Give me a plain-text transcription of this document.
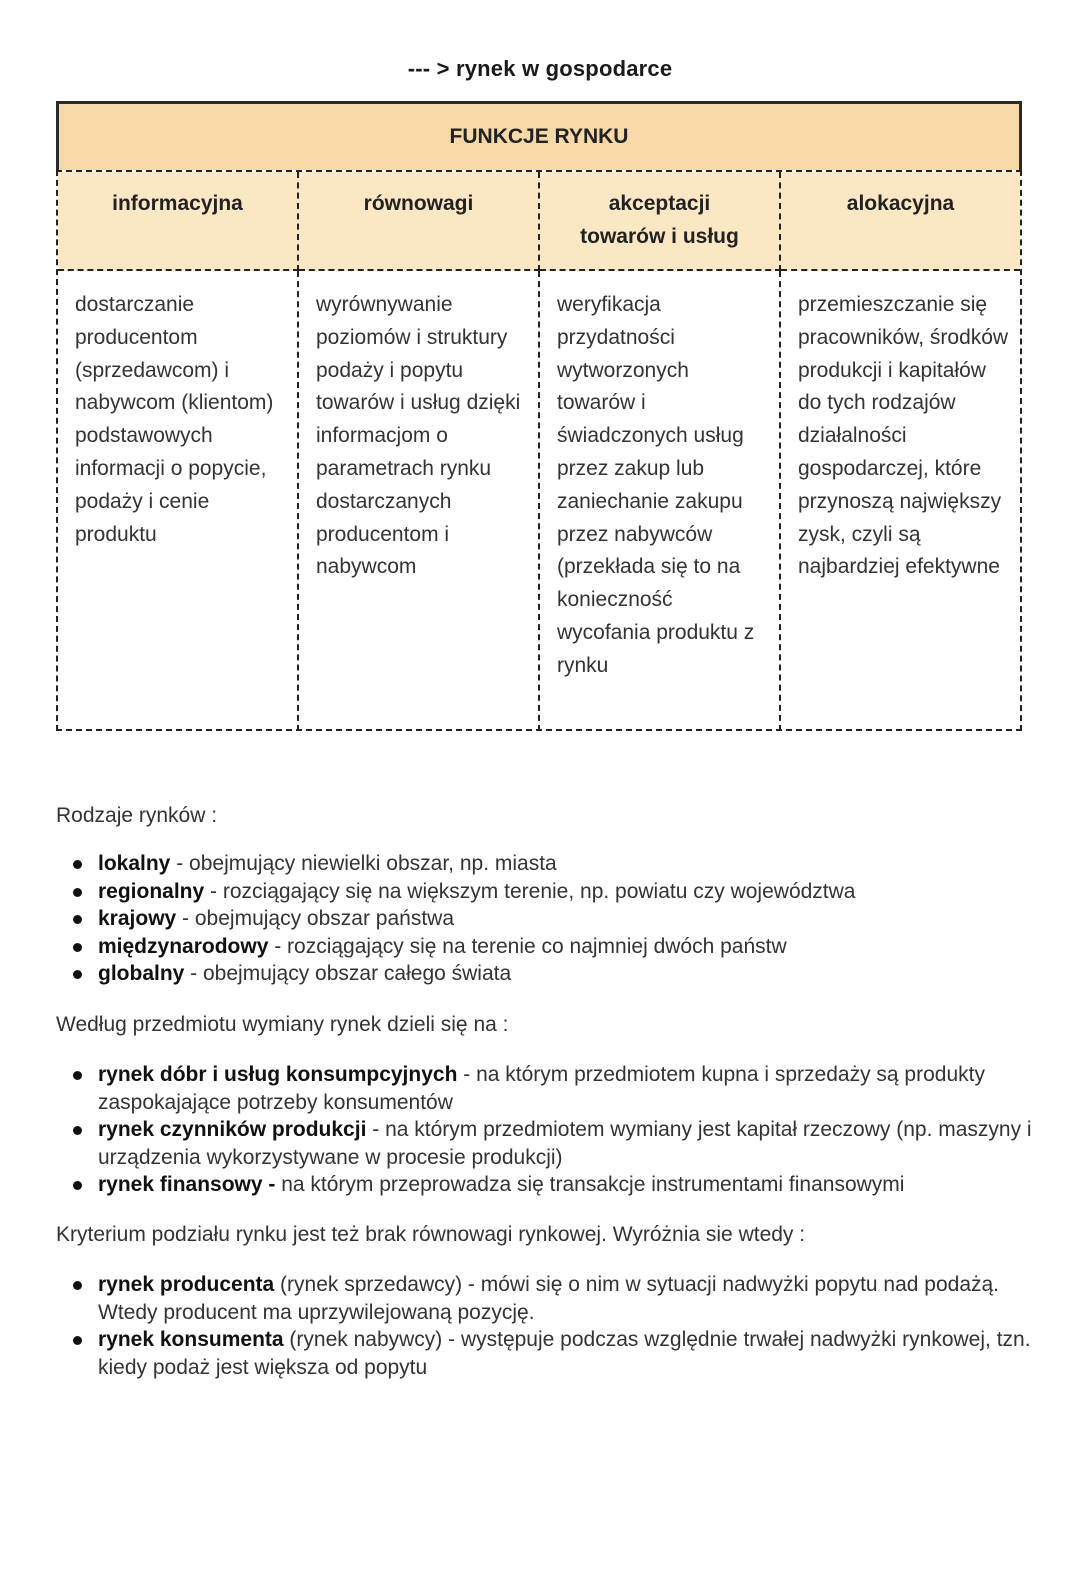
--- > rynek w gospodarce
FUNKCJE RYNKU
informacyjna	równowagi	akceptacji towarów i usług
alokacyjna
dostarczanie producentom (sprzedawcom) i nabywcom (klientom) podstawowych informacji o popycie, podaży i cenie produktu
wyrównywanie poziomów i struktury podaży i popytu towarów i usług dzięki informacjom o parametrach rynku dostarczanych producentom i nabywcom
weryfikacja przydatności wytworzonych towarów i świadczonych usług przez zakup lub zaniechanie zakupu przez nabywców (przekłada się to na konieczność wycofania produktu z rynku
przemieszczanie się pracowników, środków produkcji i kapitałów do tych rodzajów działalności gospodarczej, które przynoszą największy zysk, czyli są najbardziej efektywne
Rodzaje rynków :
lokalny - obejmujący niewielki obszar, np. miasta
regionalny - rozciągający się na większym terenie, np. powiatu czy województwa
krajowy - obejmujący obszar państwa
międzynarodowy - rozciągający się na terenie co najmniej dwóch państw
globalny - obejmujący obszar całego świata
Według przedmiotu wymiany rynek dzieli się na :
rynek dóbr i usług konsumpcyjnych - na którym przedmiotem kupna i sprzedaży są produkty zaspokajające potrzeby konsumentów
rynek czynników produkcji - na którym przedmiotem wymiany jest kapitał rzeczowy (np. maszyny i urządzenia wykorzystywane w procesie produkcji)
rynek finansowy - na którym przeprowadza się transakcje instrumentami finansowymi
Kryterium podziału rynku jest też brak równowagi rynkowej. Wyróżnia sie wtedy :
rynek producenta (rynek sprzedawcy) - mówi się o nim w sytuacji nadwyżki popytu nad podażą. Wtedy producent ma uprzywilejowaną pozycję.
rynek konsumenta (rynek nabywcy) - występuje podczas względnie trwałej nadwyżki rynkowej, tzn. kiedy podaż jest większa od popytu
